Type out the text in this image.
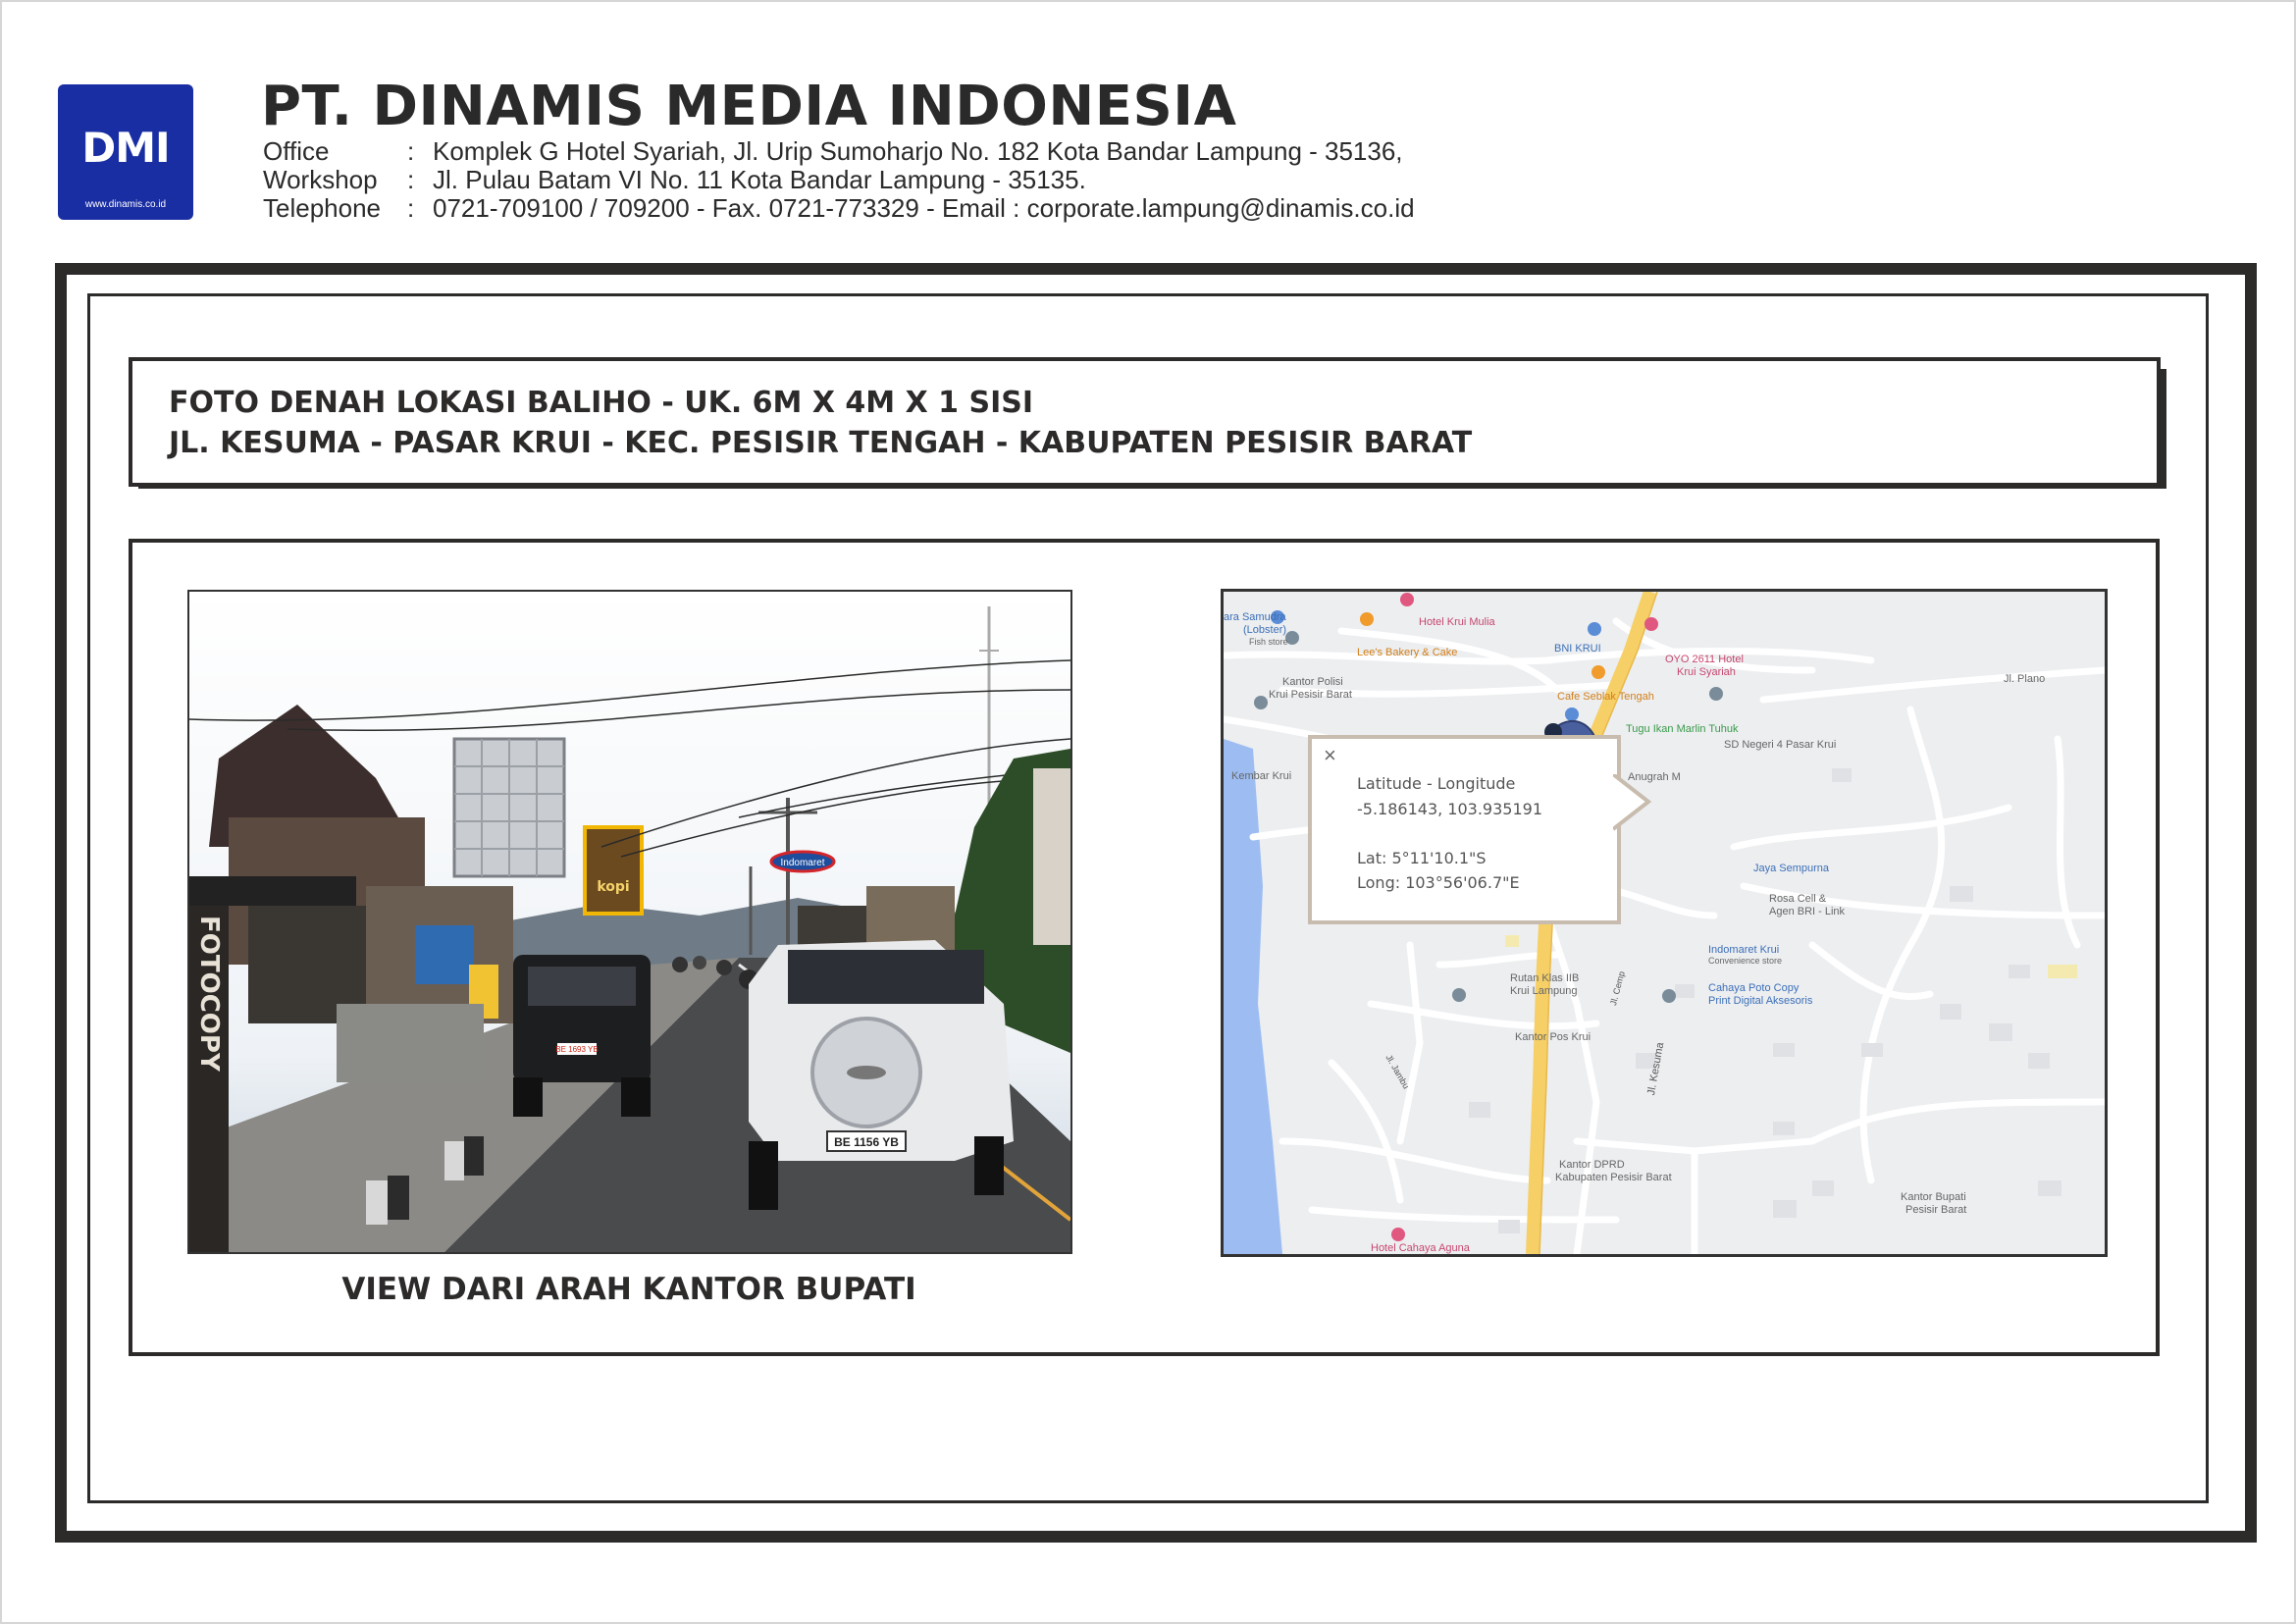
DMI
www.dinamis.co.id
PT. DINAMIS MEDIA INDONESIA
Office	: Komplek G Hotel Syariah, Jl. Urip Sumoharjo No. 182 Kota Bandar Lampung - 35136,
Workshop	: Jl. Pulau Batam VI No. 11 Kota Bandar Lampung - 35135.
Telephone	: 0721-709100 / 709200 - Fax. 0721-773329 - Email : corporate.lampung@dinamis.co.id
FOTO DENAH LOKASI BALIHO - UK. 6M X 4M X 1 SISI
JL. KESUMA - PASAR KRUI - KEC. PESISIR TENGAH - KABUPATEN PESISIR BARAT
kopi
Indomaret
BE 1693 YB
BE 1156 YB
FOTOCOPY
VIEW DARI ARAH KANTOR BUPATI
Hotel Krui Mulia
ara Samudra
(Lobster)
Fish store
Lee's Bakery & Cake	BNI KRUI
OYO 2611 Hotel
Krui Syariah
Kantor Polisi
Krui Pesisir Barat	Cafe Seblak Tengah
Jl. Plano
Tugu Ikan Marlin Tuhuk
SD Negeri 4 Pasar Krui
Kembar Krui	Anugrah M
Jaya Sempurna
Rosa Cell &
Agen BRI - Link
Indomaret Krui
Convenience store
Rutan Klas IIB
Krui Lampung	Cahaya Poto Copy
Print Digital Aksesoris
Kantor Pos Krui
Jl. Kesuma
Jl. Cemp
Jl. Jambu
Kantor DPRD
Kabupaten Pesisir Barat
Kantor Bupati
Pesisir Barat
Hotel Cahaya Aguna
×
Latitude - Longitude
-5.186143, 103.935191
Lat: 5°11'10.1"S
Long: 103°56'06.7"E
